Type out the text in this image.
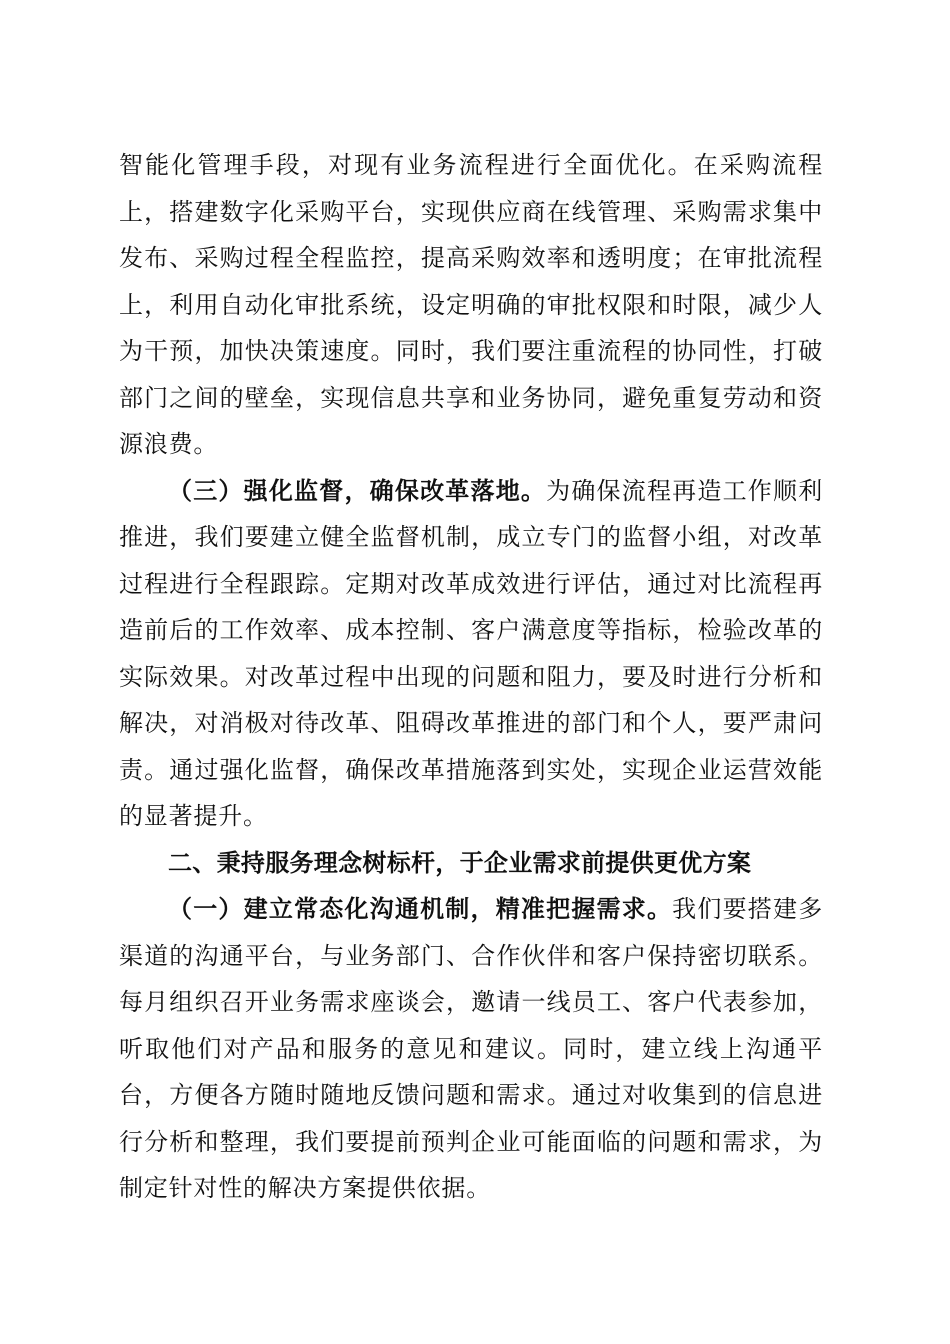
智能化管理手段，对现有业务流程进行全面优化。在采购流程上，搭建数字化采购平台，实现供应商在线管理、采购需求集中发布、采购过程全程监控，提高采购效率和透明度；在审批流程上，利用自动化审批系统，设定明确的审批权限和时限，减少人为干预，加快决策速度。同时，我们要注重流程的协同性，打破部门之间的壁垒，实现信息共享和业务协同，避免重复劳动和资源浪费。

（三）强化监督，确保改革落地。为确保流程再造工作顺利推进，我们要建立健全监督机制，成立专门的监督小组，对改革过程进行全程跟踪。定期对改革成效进行评估，通过对比流程再造前后的工作效率、成本控制、客户满意度等指标，检验改革的实际效果。对改革过程中出现的问题和阻力，要及时进行分析和解决，对消极对待改革、阻碍改革推进的部门和个人，要严肃问责。通过强化监督，确保改革措施落到实处，实现企业运营效能的显著提升。

二、秉持服务理念树标杆，于企业需求前提供更优方案

（一）建立常态化沟通机制，精准把握需求。我们要搭建多渠道的沟通平台，与业务部门、合作伙伴和客户保持密切联系。每月组织召开业务需求座谈会，邀请一线员工、客户代表参加，听取他们对产品和服务的意见和建议。同时，建立线上沟通平台，方便各方随时随地反馈问题和需求。通过对收集到的信息进行分析和整理，我们要提前预判企业可能面临的问题和需求，为制定针对性的解决方案提供依据。
